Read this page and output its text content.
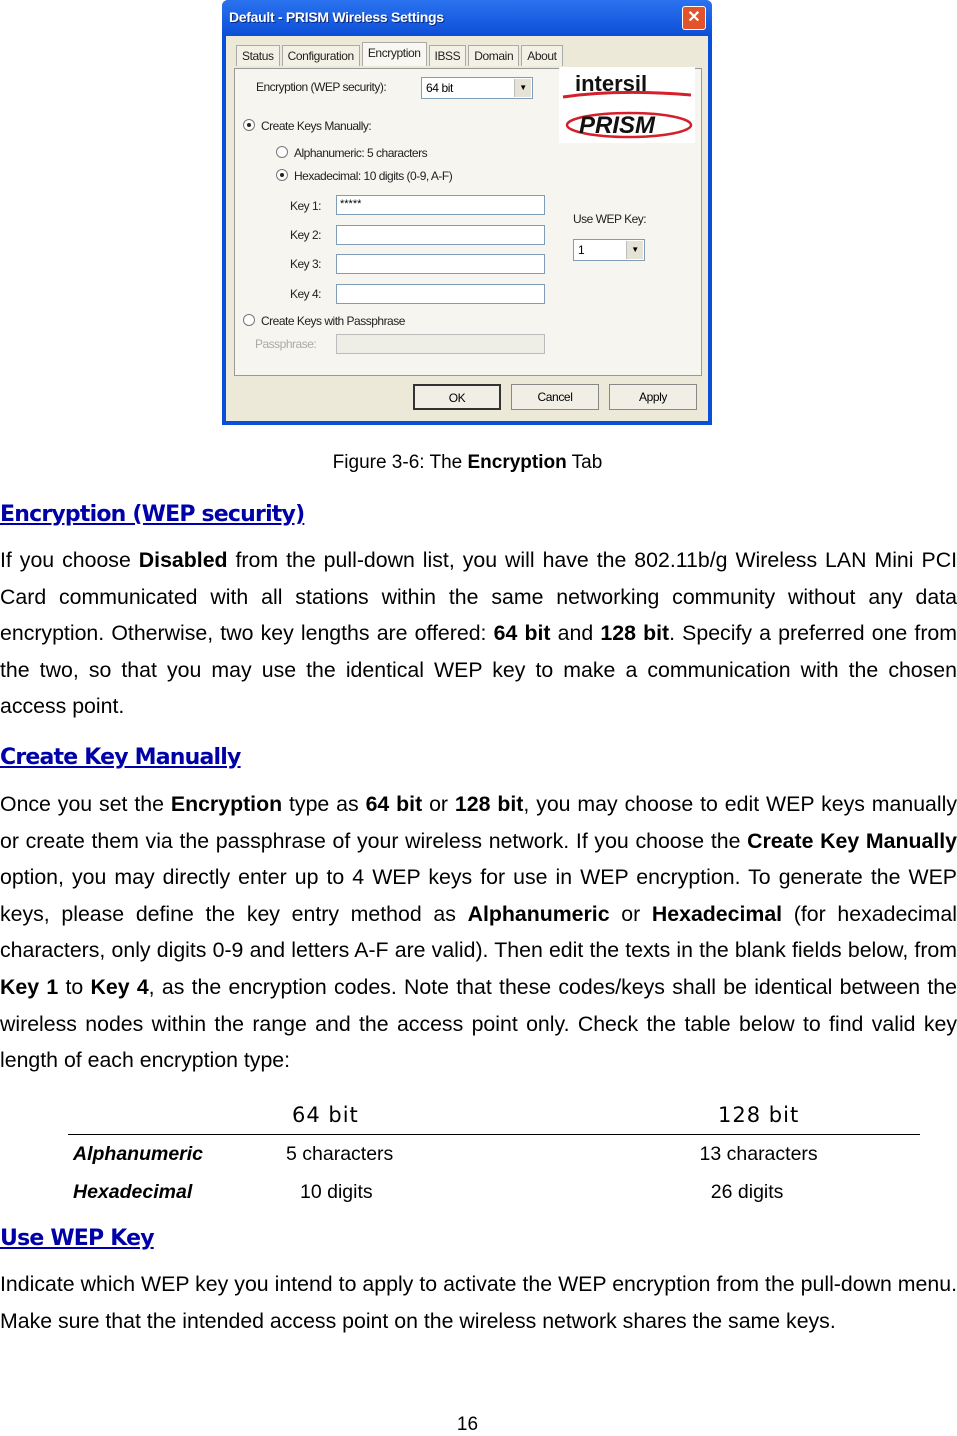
Default - PRISM Wireless Settings	✕
Status	Configuration	Encryption	IBSS	Domain	About
Encryption (WEP security):	64 bit	▼ intersil
PRISM
Create Keys Manually:
Alphanumeric: 5 characters
Hexadecimal: 10 digits (0-9, A-F)
Key 1:	*****
Key 2:
Key 3:
Key 4:
Use WEP Key:
1	▼
Create Keys with Passphrase
Passphrase:
OK	Cancel	Apply
Figure 3-6: The Encryption Tab
Encryption (WEP security)
If you choose Disabled from the pull-down list, you will have the 802.11b/g Wireless LAN Mini PCI Card communicated with all stations within the same networking community without any data encryption. Otherwise, two key lengths are offered: 64 bit and 128 bit. Specify a preferred one from the two, so that you may use the identical WEP key to make a communication with the chosen access point.
Create Key Manually
Once you set the Encryption type as 64 bit or 128 bit, you may choose to edit WEP keys manually or create them via the passphrase of your wireless network. If you choose the Create Key Manually option, you may directly enter up to 4 WEP keys for use in WEP encryption. To generate the WEP keys, please define the key entry method as Alphanumeric or Hexadecimal (for hexadecimal characters, only digits 0-9 and letters A-F are valid). Then edit the texts in the blank fields below, from Key 1 to Key 4, as the encryption codes. Note that these codes/keys shall be identical between the wireless nodes within the range and the access point only. Check the table below to find valid key length of each encryption type:
	64 bit	128 bit
Alphanumeric	5 characters	13 characters
Hexadecimal	10 digits	26 digits
Use WEP Key
Indicate which WEP key you intend to apply to activate the WEP encryption from the pull-down menu. Make sure that the intended access point on the wireless network shares the same keys.
16
